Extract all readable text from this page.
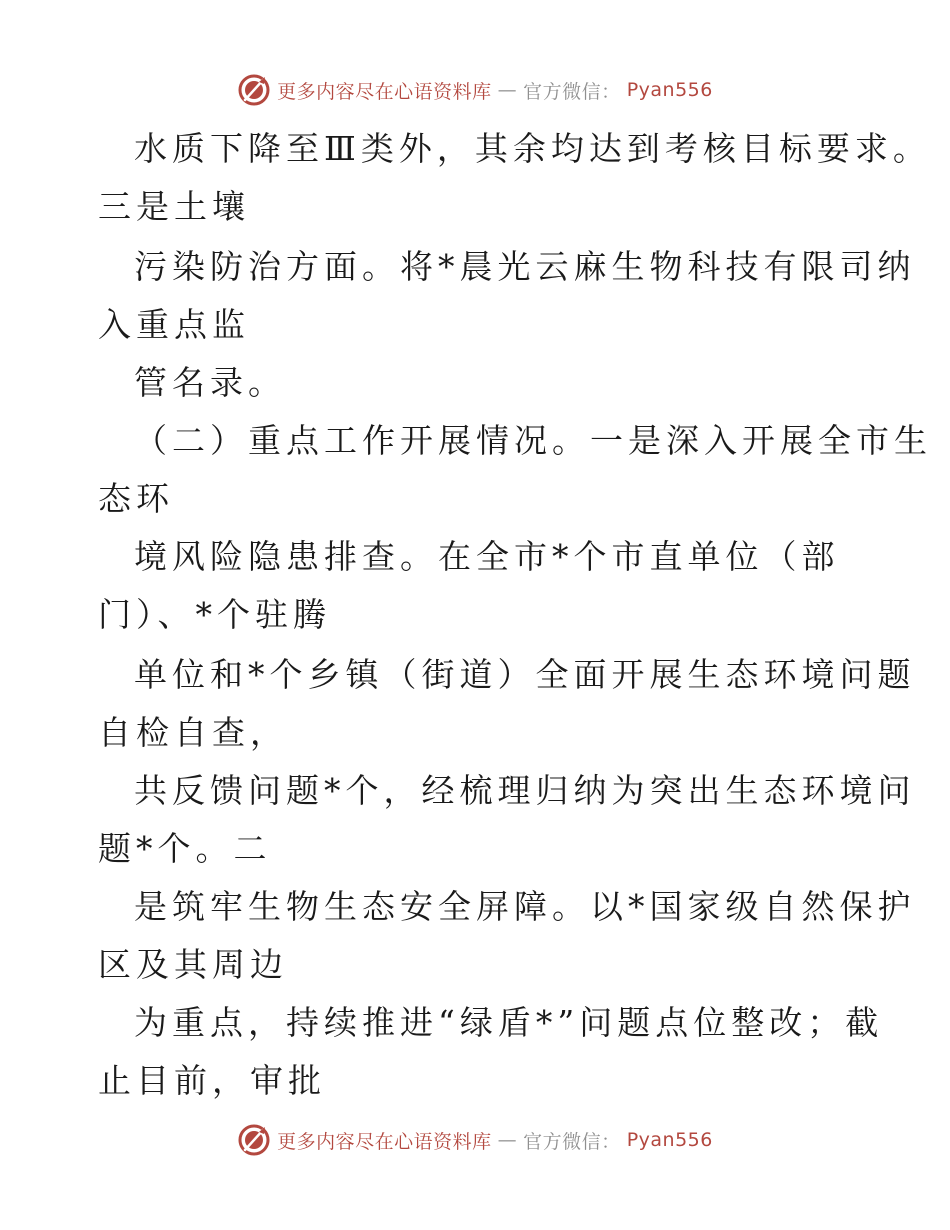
更多内容尽在心语资料库 — 官方微信： Pyan556
水质下降至Ⅲ类外，其余均达到考核目标要求。
三是土壤
污染防治方面。将*晨光云麻生物科技有限司纳
入重点监
管名录。
（二）重点工作开展情况。一是深入开展全市生
态环
境风险隐患排查。在全市*个市直单位（部
门）、*个驻腾
单位和*个乡镇（街道）全面开展生态环境问题
自检自查，
共反馈问题*个，经梳理归纳为突出生态环境问
题*个。二
是筑牢生物生态安全屏障。以*国家级自然保护
区及其周边
为重点，持续推进“绿盾*”问题点位整改；截
止目前，审批
更多内容尽在心语资料库 — 官方微信： Pyan556
